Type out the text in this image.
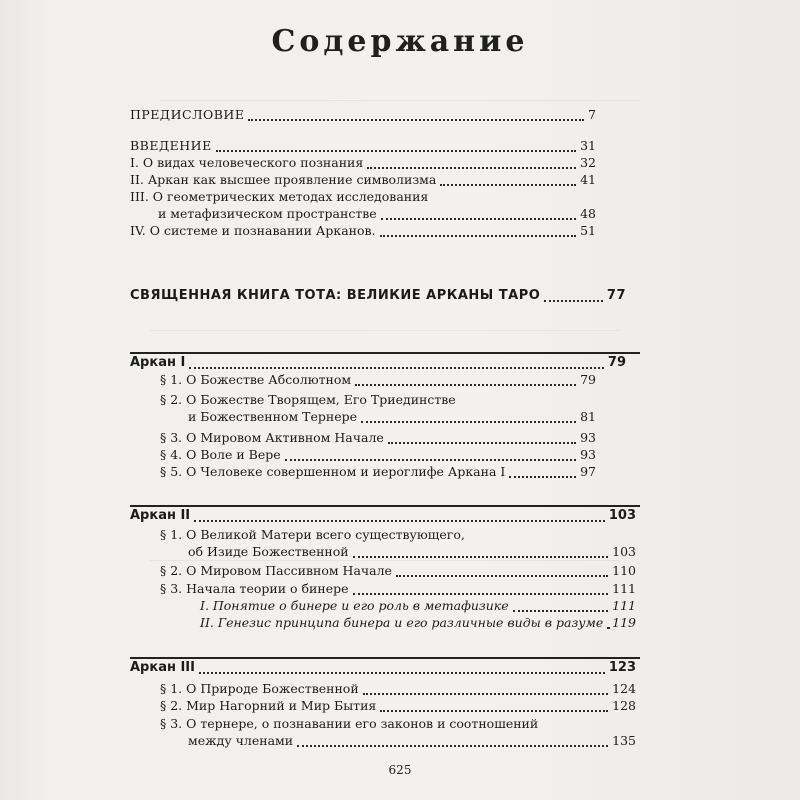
Содержание
ПРЕДИСЛОВИЕ	7
ВВЕДЕНИЕ	31
I. О видах человеческого познания	32
II. Аркан как высшее проявление символизма	41
III. О геометрических методах исследования
и метафизическом пространстве	48
IV. О системе и познавании Арканов.	51
СВЯЩЕННАЯ КНИГА ТОТА: ВЕЛИКИЕ АРКАНЫ ТАРО	77
Аркан I	79
§ 1. О Божестве Абсолютном	79
§ 2. О Божестве Творящем, Его Триединстве
и Божественном Тернере	81
§ 3. О Мировом Активном Начале	93
§ 4. О Воле и Вере	93
§ 5. О Человеке совершенном и иероглифе Аркана I	97
Аркан II	103
§ 1. О Великой Матери всего существующего,
об Изиде Божественной	103
§ 2. О Мировом Пассивном Начале	110
§ 3. Начала теории о бинере	111
I. Понятие о бинере и его роль в метафизике	111
II. Генезис принципа бинера и его различные виды в разуме 119
Аркан III	123
§ 1. О Природе Божественной	124
§ 2. Мир Нагорний и Мир Бытия	128
§ 3. О тернере, о познавании его законов и соотношений
между членами	135
625
